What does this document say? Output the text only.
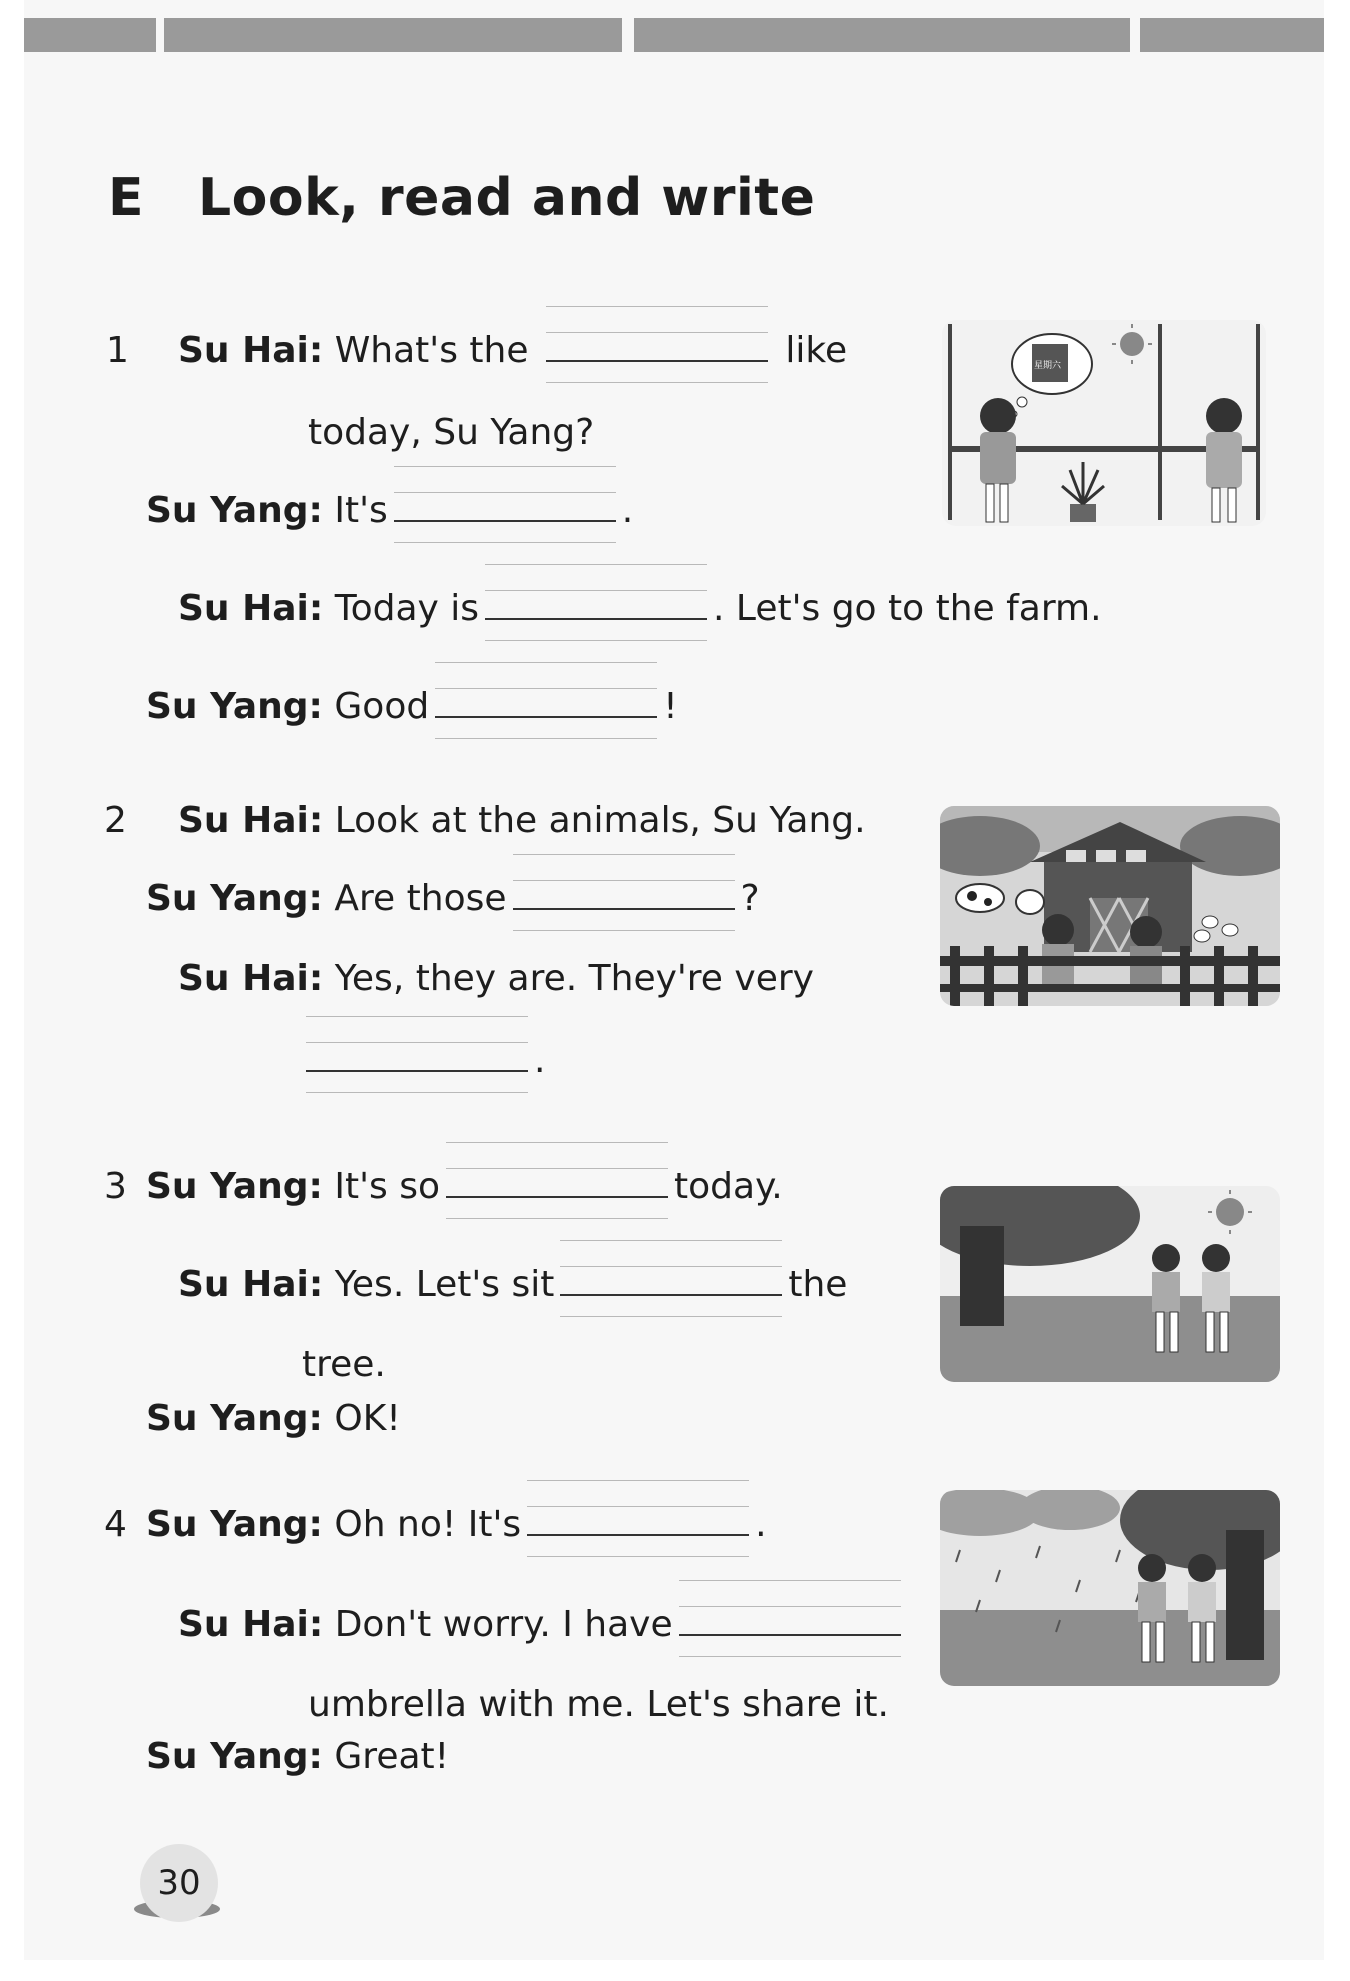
E Look, read and write
1 Su Hai: What's the	like
today, Su Yang?
Su Yang: It's	.
Su Hai: Today is	. Let's go to the farm.
Su Yang: Good	!
星期六
2 Su Hai: Look at the animals, Su Yang.
Su Yang: Are those	?
Su Hai: Yes, they are. They're very
.
3 Su Yang: It's so	today.
Su Hai: Yes. Let's sit	the
tree.
Su Yang: OK!
4 Su Yang: Oh no! It's	.
Su Hai: Don't worry. I have
umbrella with me. Let's share it.
Su Yang: Great!
30
